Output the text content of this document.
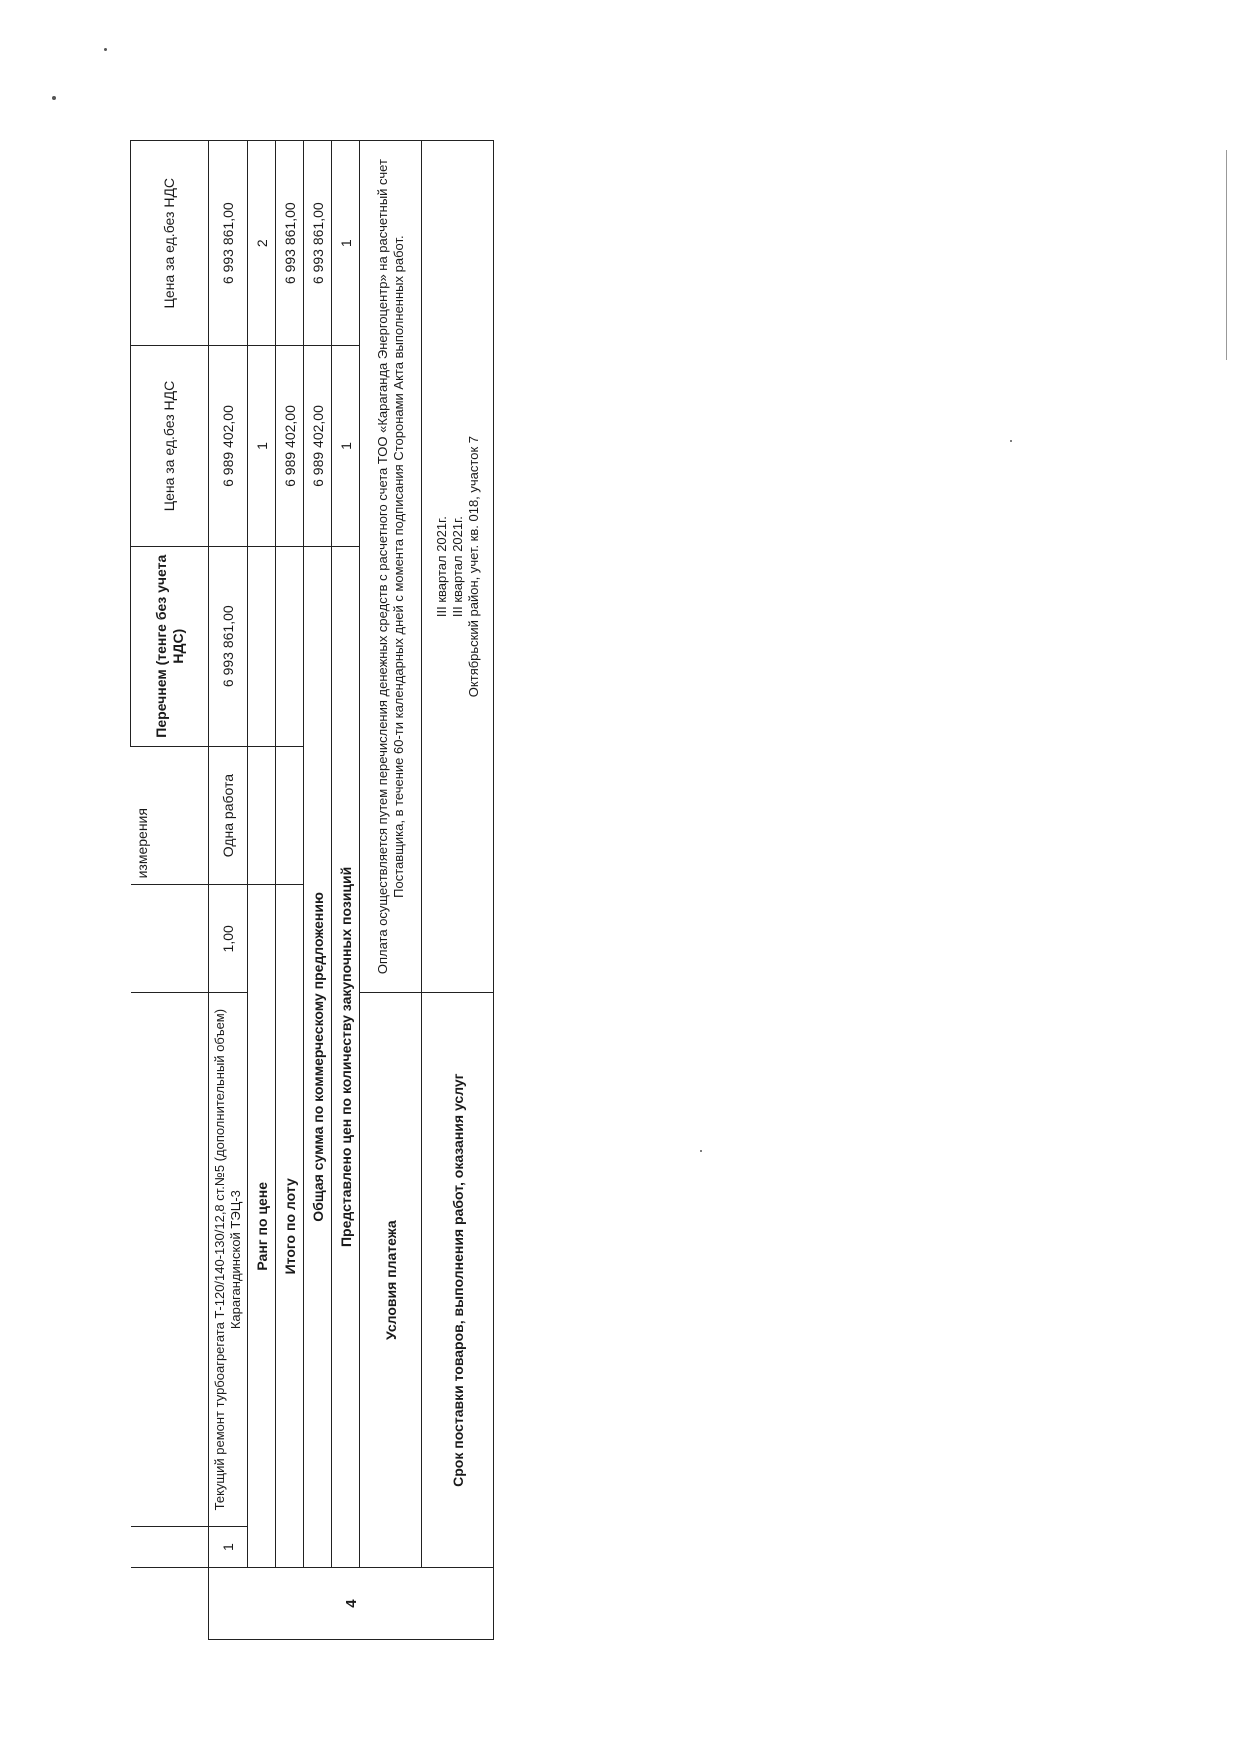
				измерения	Перечнем (тенге без учета НДС)	Цена за ед.без НДС	Цена за ед.без НДС
4	1	Текущий ремонт турбоагрегата Т-120/140-130/12,8 ст.№5 (дополнительный объем) Карагандинской ТЭЦ-3	1,00	Одна работа	6 993 861,00	6 989 402,00	6 993 861,00
	Ранг по цене					1	2
	Итого по лоту					6 989 402,00	6 993 861,00
	Общая сумма по коммерческому предложению					6 989 402,00	6 993 861,00
	Представлено цен по количеству закупочных позиций					1	1
	Условия платежа		Оплата осуществляется путем перечисления денежных средств с расчетного счета ТОО «Караганда Энергоцентр» на расчетный счет Поставщика, в течение 60-ти календарных дней с момента подписания Сторонами Акта выполненных работ.				
	Срок поставки товаров, выполнения работ, оказания услуг		III квартал 2021г. III квартал 2021г. Октябрьский район, учет. кв. 018, участок 7				
